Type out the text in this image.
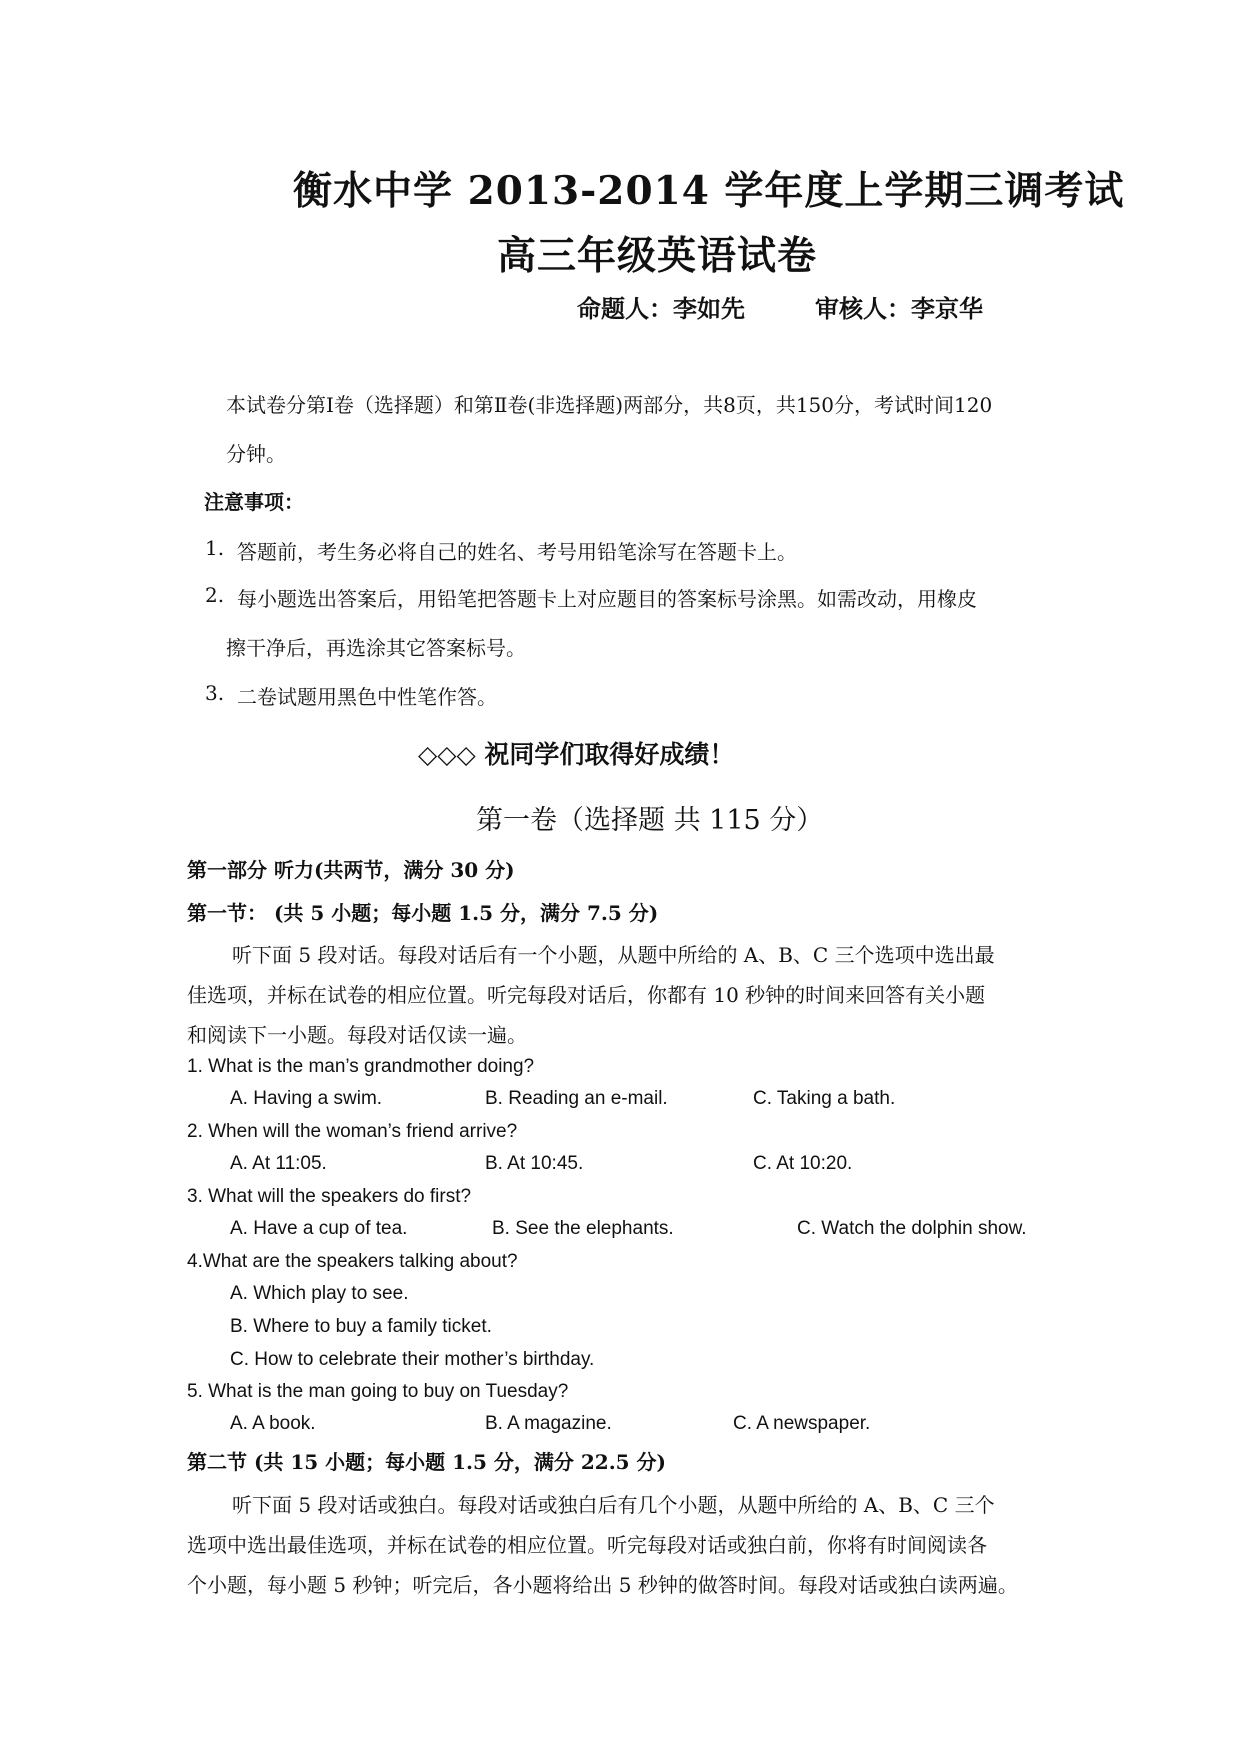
衡水中学 2013-2014 学年度上学期三调考试
高三年级英语试卷
命题人：李如先	审核人：李京华
本试卷分第Ⅰ卷（选择题）和第Ⅱ卷(非选择题)两部分，共8页，共150分，考试时间120
分钟。
注意事项：
1. 答题前，考生务必将自己的姓名、考号用铅笔涂写在答题卡上。
2. 每小题选出答案后，用铅笔把答题卡上对应题目的答案标号涂黑。如需改动，用橡皮
擦干净后，再选涂其它答案标号。
3. 二卷试题用黑色中性笔作答。
◇◇◇ 祝同学们取得好成绩！
第一卷（选择题 共 115 分）
第一部分 听力(共两节，满分 30 分)
第一节： (共 5 小题；每小题 1.5 分，满分 7.5 分)
听下面 5 段对话。每段对话后有一个小题，从题中所给的 A、B、C 三个选项中选出最
佳选项，并标在试卷的相应位置。听完每段对话后，你都有 10 秒钟的时间来回答有关小题
和阅读下一小题。每段对话仅读一遍。
1. What is the man’s grandmother doing?
A. Having a swim.	B. Reading an e-mail.	C. Taking a bath.
2. When will the woman’s friend arrive?
A. At 11:05.	B. At 10:45.	C. At 10:20.
3. What will the speakers do first?
A. Have a cup of tea.	B. See the elephants.	C. Watch the dolphin show.
4.What are the speakers talking about?
A. Which play to see.
B. Where to buy a family ticket.
C. How to celebrate their mother’s birthday.
5. What is the man going to buy on Tuesday?
A. A book.	B. A magazine.	C. A newspaper.
第二节 (共 15 小题；每小题 1.5 分，满分 22.5 分)
听下面 5 段对话或独白。每段对话或独白后有几个小题，从题中所给的 A、B、C 三个
选项中选出最佳选项，并标在试卷的相应位置。听完每段对话或独白前，你将有时间阅读各
个小题，每小题 5 秒钟；听完后，各小题将给出 5 秒钟的做答时间。每段对话或独白读两遍。
